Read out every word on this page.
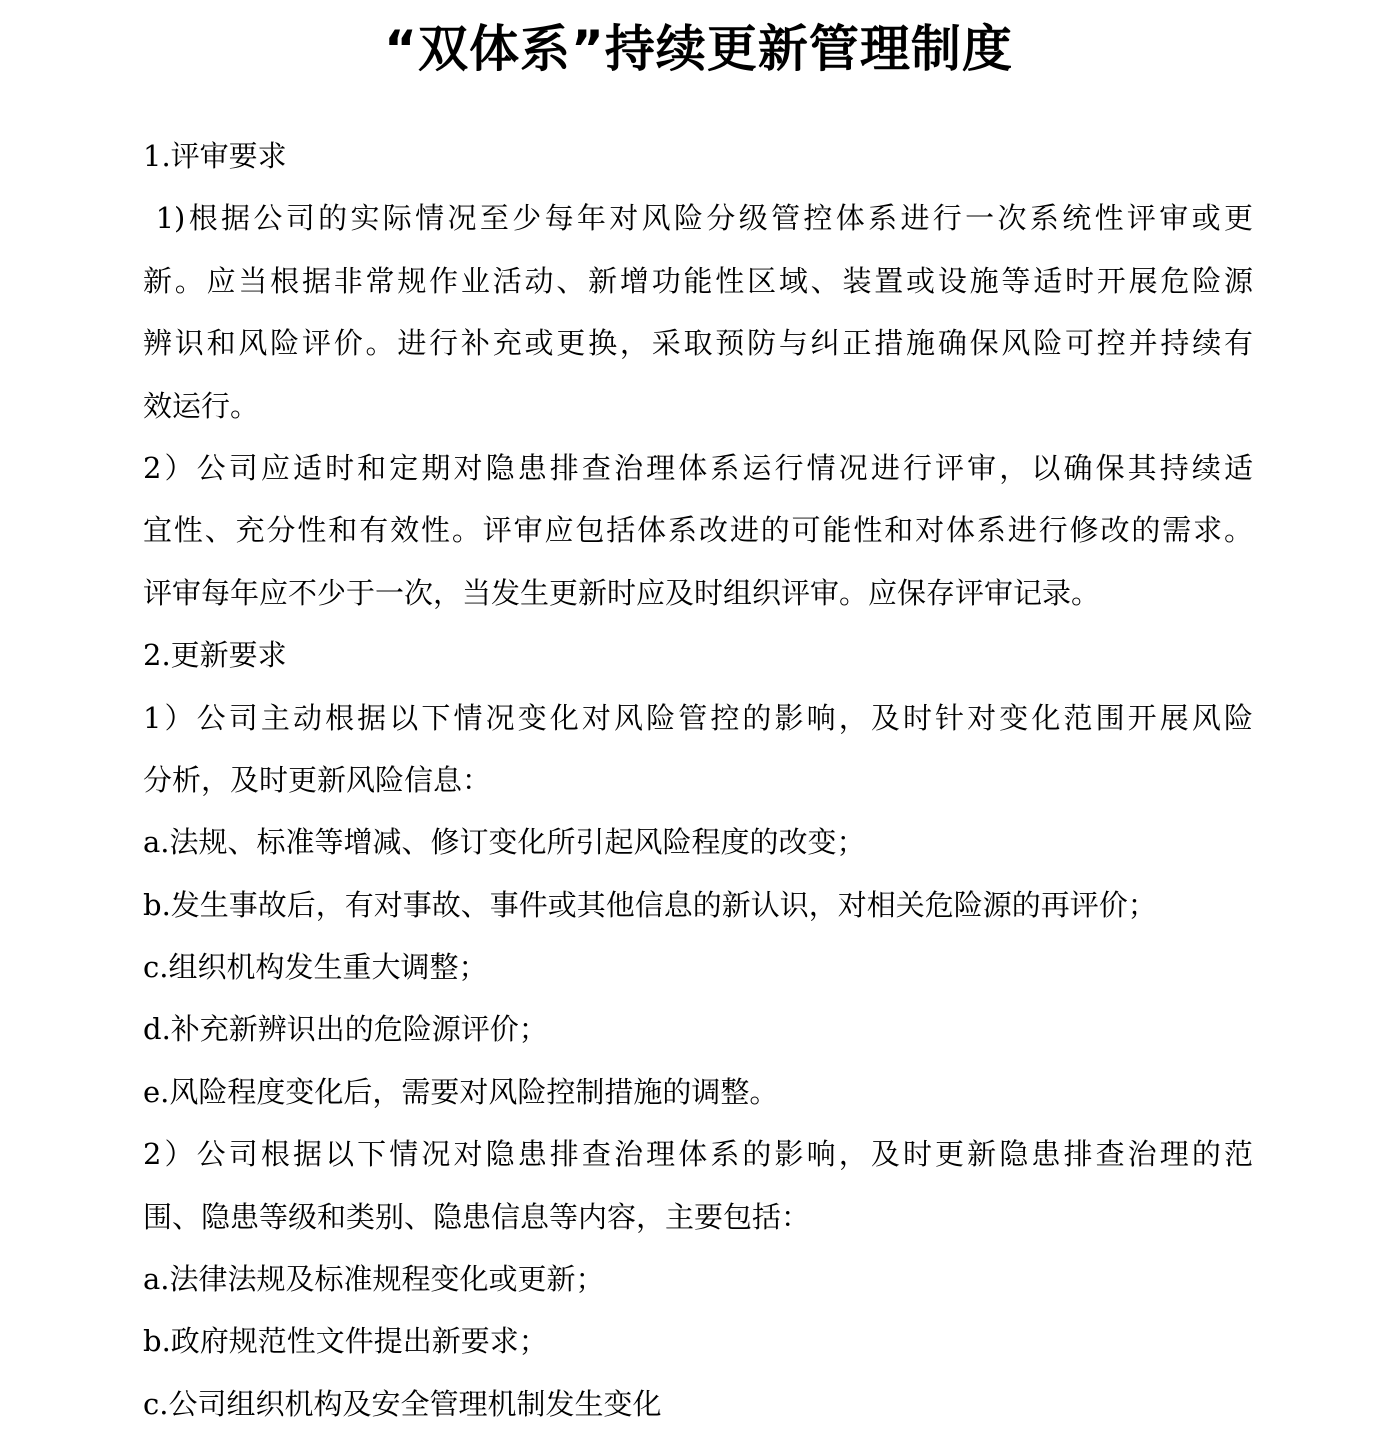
“双体系”持续更新管理制度
1.评审要求
1)根据公司的实际情况至少每年对风险分级管控体系进行一次系统性评审或更
新。应当根据非常规作业活动、新增功能性区域、装置或设施等适时开展危险源
辨识和风险评价。进行补充或更换，采取预防与纠正措施确保风险可控并持续有
效运行。
2）公司应适时和定期对隐患排查治理体系运行情况进行评审，以确保其持续适
宜性、充分性和有效性。评审应包括体系改进的可能性和对体系进行修改的需求。
评审每年应不少于一次，当发生更新时应及时组织评审。应保存评审记录。
2.更新要求
1）公司主动根据以下情况变化对风险管控的影响，及时针对变化范围开展风险
分析，及时更新风险信息：
a.法规、标准等增减、修订变化所引起风险程度的改变；
b.发生事故后，有对事故、事件或其他信息的新认识，对相关危险源的再评价；
c.组织机构发生重大调整；
d.补充新辨识出的危险源评价；
e.风险程度变化后，需要对风险控制措施的调整。
2）公司根据以下情况对隐患排查治理体系的影响，及时更新隐患排查治理的范
围、隐患等级和类别、隐患信息等内容，主要包括：
a.法律法规及标准规程变化或更新；
b.政府规范性文件提出新要求；
c.公司组织机构及安全管理机制发生变化
